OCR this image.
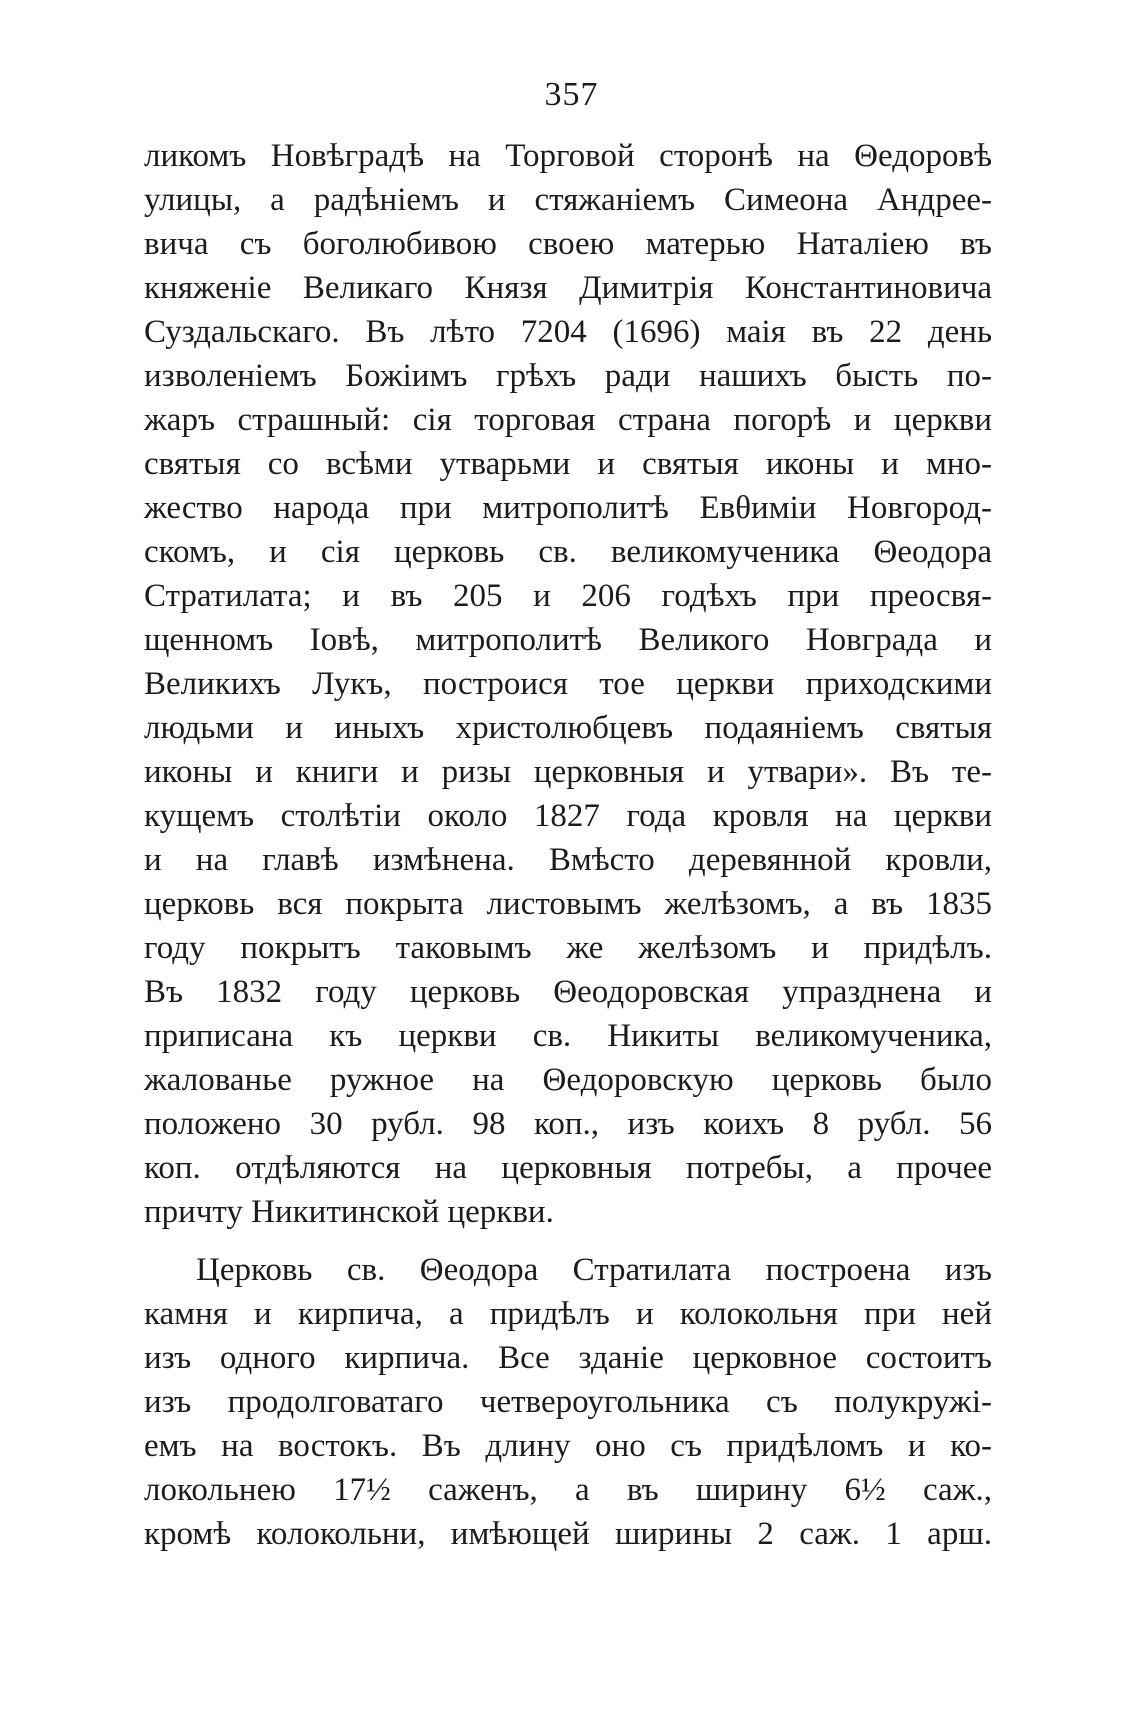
357
ликомъ Новѣградѣ на Торговой сторонѣ на Θедоровѣ
улицы, а радѣніемъ и стяжаніемъ Симеона Андрее-
вича съ боголюбивою своею матерью Наталіею въ
княженіе Великаго Князя Димитрія Константиновича
Суздальскаго. Въ лѣто 7204 (1696) маія въ 22 день
изволеніемъ Божіимъ грѣхъ ради нашихъ бысть по-
жаръ страшный: сія торговая страна погорѣ и церкви
святыя со всѣми утварьми и святыя иконы и мно-
жество народа при митрополитѣ Евθиміи Новгород-
скомъ, и сія церковь св. великомученика Θеодора
Стратилата; и въ 205 и 206 годѣхъ при преосвя-
щенномъ Іовѣ, митрополитѣ Великого Новграда и
Великихъ Лукъ, построися тое церкви приходскими
людьми и иныхъ христолюбцевъ подаяніемъ святыя
иконы и книги и ризы церковныя и утвари». Въ те-
кущемъ столѣтіи около 1827 года кровля на церкви
и на главѣ измѣнена. Вмѣсто деревянной кровли,
церковь вся покрыта листовымъ желѣзомъ, а въ 1835
году покрытъ таковымъ же желѣзомъ и придѣлъ.
Въ 1832 году церковь Θеодоровская упразднена и
приписана къ церкви св. Никиты великомученика,
жалованье ружное на Θедоровскую церковь было
положено 30 рубл. 98 коп., изъ коихъ 8 рубл. 56
коп. отдѣляются на церковныя потребы, а прочее
причту Никитинской церкви.
Церковь св. Θеодора Стратилата построена изъ
камня и кирпича, а придѣлъ и колокольня при ней
изъ одного кирпича. Все зданіе церковное состоитъ
изъ продолговатаго четвероугольника съ полукружі-
емъ на востокъ. Въ длину оно съ придѣломъ и ко-
локольнею 17½ саженъ, а въ ширину 6½ саж.,
кромѣ колокольни, имѣющей ширины 2 саж. 1 арш.
